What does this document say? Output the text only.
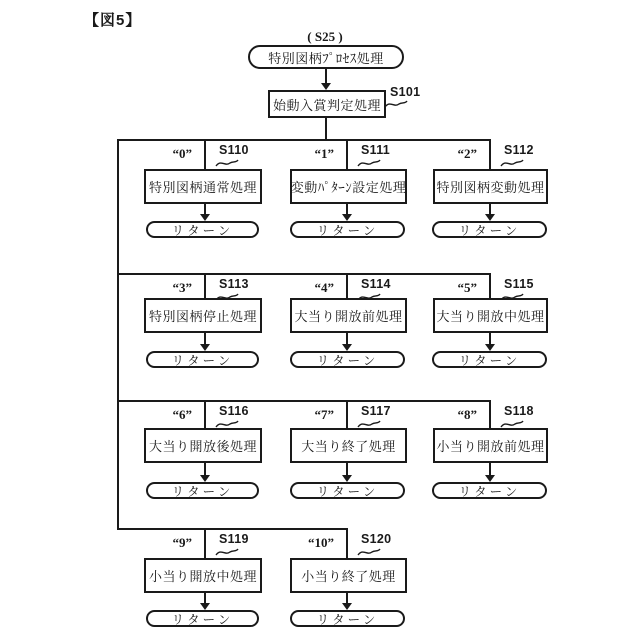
【図5】
( S25 )
特別図柄ﾌﾟﾛｾｽ処理
始動入賞判定処理
S101
“0” S110
特別図柄通常処理
リターン
“1” S111
変動ﾊﾟﾀｰﾝ設定処理
リターン
“2” S112
特別図柄変動処理
リターン
“3” S113
特別図柄停止処理
リターン
“4” S114
大当り開放前処理
リターン
“5” S115
大当り開放中処理
リターン
“6” S116
大当り開放後処理
リターン
“7” S117
大当り終了処理
リターン
“8” S118
小当り開放前処理
リターン
“9” S119
小当り開放中処理
リターン
“10” S120
小当り終了処理
リターン
